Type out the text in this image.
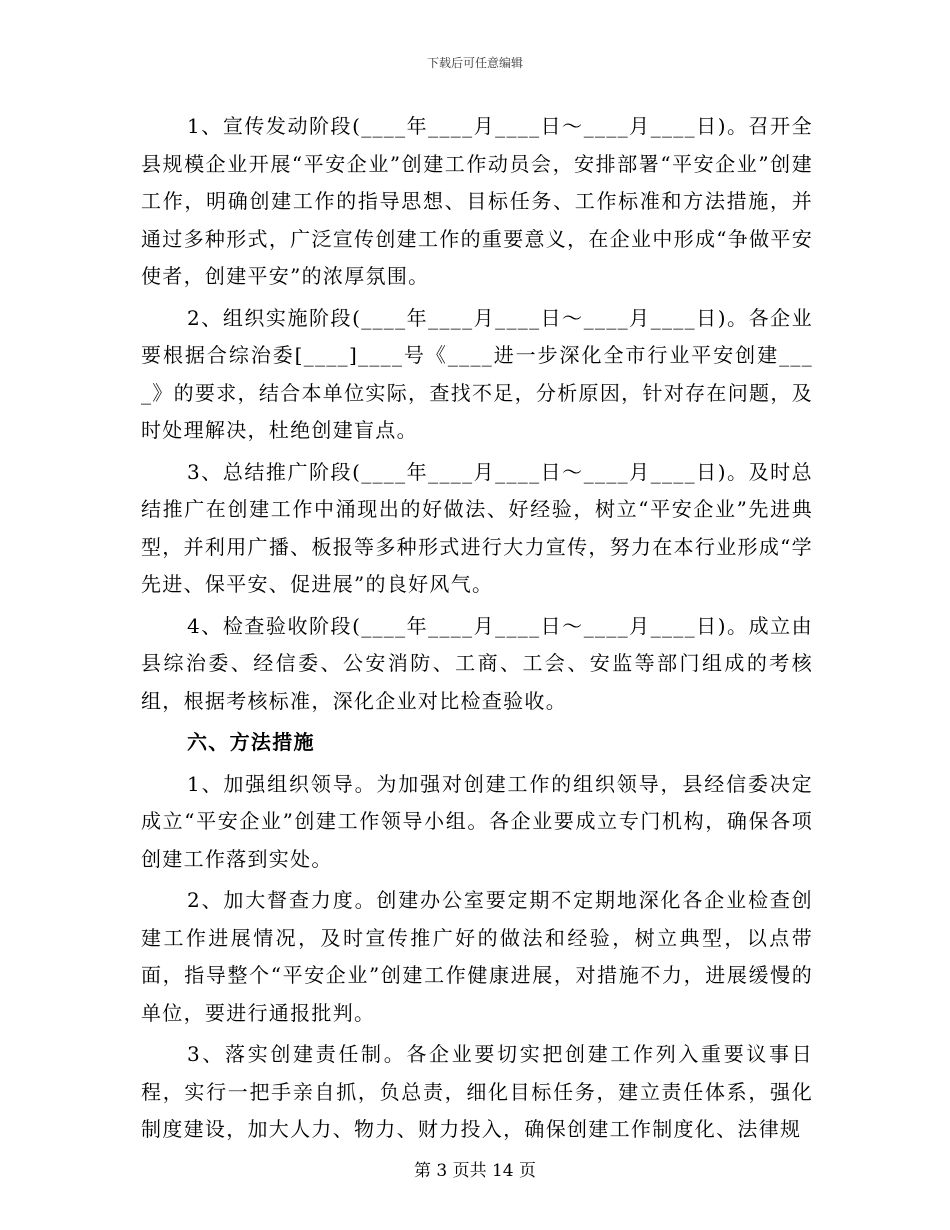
下载后可任意编辑
1、宣传发动阶段(____年____月____日～____月____日)。召开全县规模企业开展“平安企业”创建工作动员会，安排部署“平安企业”创建工作，明确创建工作的指导思想、目标任务、工作标准和方法措施，并通过多种形式，广泛宣传创建工作的重要意义，在企业中形成“争做平安使者，创建平安”的浓厚氛围。
2、组织实施阶段(____年____月____日～____月____日)。各企业要根据合综治委[____]____号《____进一步深化全市行业平安创建____》的要求，结合本单位实际，查找不足，分析原因，针对存在问题，及时处理解决，杜绝创建盲点。
3、总结推广阶段(____年____月____日～____月____日)。及时总结推广在创建工作中涌现出的好做法、好经验，树立“平安企业”先进典型，并利用广播、板报等多种形式进行大力宣传，努力在本行业形成“学先进、保平安、促进展”的良好风气。
4、检查验收阶段(____年____月____日～____月____日)。成立由县综治委、经信委、公安消防、工商、工会、安监等部门组成的考核组，根据考核标准，深化企业对比检查验收。
六、方法措施
1、加强组织领导。为加强对创建工作的组织领导，县经信委决定成立“平安企业”创建工作领导小组。各企业要成立专门机构，确保各项创建工作落到实处。
2、加大督查力度。创建办公室要定期不定期地深化各企业检查创建工作进展情况，及时宣传推广好的做法和经验，树立典型，以点带面，指导整个“平安企业”创建工作健康进展，对措施不力，进展缓慢的单位，要进行通报批判。
3、落实创建责任制。各企业要切实把创建工作列入重要议事日程，实行一把手亲自抓，负总责，细化目标任务，建立责任体系，强化制度建设，加大人力、物力、财力投入，确保创建工作制度化、法律规
第 3 页共 14 页
